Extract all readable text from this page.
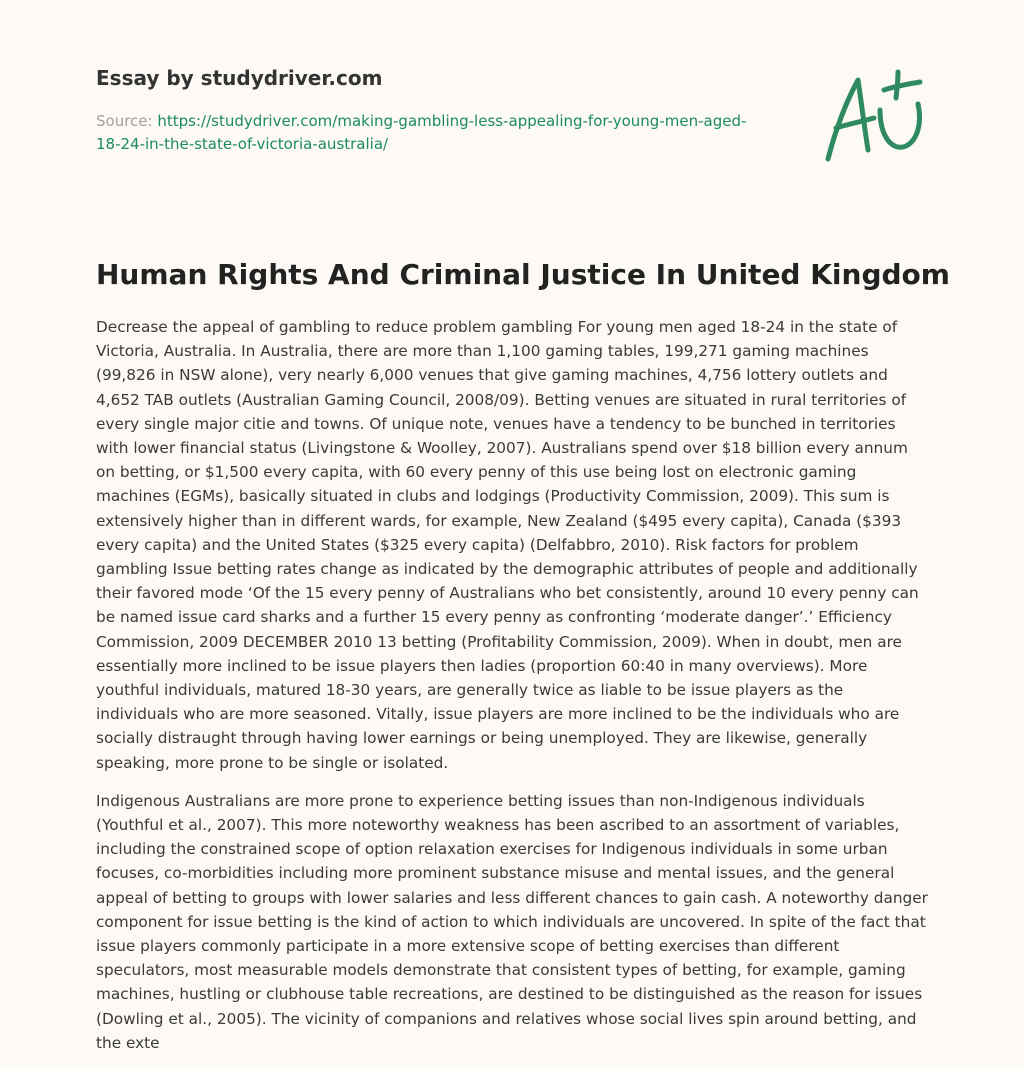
Essay by studydriver.com
Source: https://studydriver.com/making-gambling-less-appealing-for-young-men-aged-18-24-in-the-state-of-victoria-australia/
Human Rights And Criminal Justice In United Kingdom

Decrease the appeal of gambling to reduce problem gambling For young men aged 18-24 in the state of Victoria, Australia. In Australia, there are more than 1,100 gaming tables, 199,271 gaming machines (99,826 in NSW alone), very nearly 6,000 venues that give gaming machines, 4,756 lottery outlets and 4,652 TAB outlets (Australian Gaming Council, 2008/09). Betting venues are situated in rural territories of every single major citie and towns. Of unique note, venues have a tendency to be bunched in territories with lower financial status (Livingstone & Woolley, 2007). Australians spend over $18 billion every annum on betting, or $1,500 every capita, with 60 every penny of this use being lost on electronic gaming machines (EGMs), basically situated in clubs and lodgings (Productivity Commission, 2009). This sum is extensively higher than in different wards, for example, New Zealand ($495 every capita), Canada ($393 every capita) and the United States ($325 every capita) (Delfabbro, 2010). Risk factors for problem gambling Issue betting rates change as indicated by the demographic attributes of people and additionally their favored mode ‘Of the 15 every penny of Australians who bet consistently, around 10 every penny can be named issue card sharks and a further 15 every penny as confronting ‘moderate danger’.’ Efficiency Commission, 2009 DECEMBER 2010 13 betting (Profitability Commission, 2009). When in doubt, men are essentially more inclined to be issue players then ladies (proportion 60:40 in many overviews). More youthful individuals, matured 18-30 years, are generally twice as liable to be issue players as the individuals who are more seasoned. Vitally, issue players are more inclined to be the individuals who are socially distraught through having lower earnings or being unemployed. They are likewise, generally speaking, more prone to be single or isolated.

Indigenous Australians are more prone to experience betting issues than non-Indigenous individuals (Youthful et al., 2007). This more noteworthy weakness has been ascribed to an assortment of variables, including the constrained scope of option relaxation exercises for Indigenous individuals in some urban focuses, co-morbidities including more prominent substance misuse and mental issues, and the general appeal of betting to groups with lower salaries and less different chances to gain cash. A noteworthy danger component for issue betting is the kind of action to which individuals are uncovered. In spite of the fact that issue players commonly participate in a more extensive scope of betting exercises than different speculators, most measurable models demonstrate that consistent types of betting, for example, gaming machines, hustling or clubhouse table recreations, are destined to be distinguished as the reason for issues (Dowling et al., 2005). The vicinity of companions and relatives whose social lives spin around betting, and the exte
